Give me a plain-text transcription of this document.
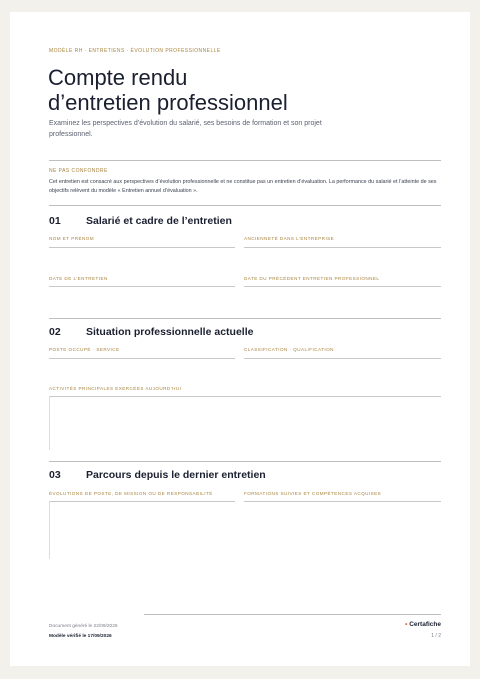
MODÈLE RH · ENTRETIENS · ÉVOLUTION PROFESSIONNELLE
Compte rendu
d’entretien professionnel
Examinez les perspectives d’évolution du salarié, ses besoins de formation et son projet professionnel.
NE PAS CONFONDRE
Cet entretien est consacré aux perspectives d’évolution professionnelle et ne constitue pas un entretien d’évaluation. La performance du salarié et l’atteinte de ses objectifs relèvent du modèle « Entretien annuel d’évaluation ».
01 Salarié et cadre de l’entretien
NOM ET PRÉNOM	ANCIENNETÉ DANS L’ENTREPRISE
DATE DE L’ENTRETIEN	DATE DU PRÉCÉDENT ENTRETIEN PROFESSIONNEL
02 Situation professionnelle actuelle
POSTE OCCUPÉ · SERVICE	CLASSIFICATION · QUALIFICATION
ACTIVITÉS PRINCIPALES EXERCÉES AUJOURD’HUI
03 Parcours depuis le dernier entretien
ÉVOLUTIONS DE POSTE, DE MISSION OU DE RESPONSABILITÉ	FORMATIONS SUIVIES ET COMPÉTENCES ACQUISES
Document généré le 22/09/2026
Modèle vérifié le 17/09/2026
• Certafiche
1 / 2
